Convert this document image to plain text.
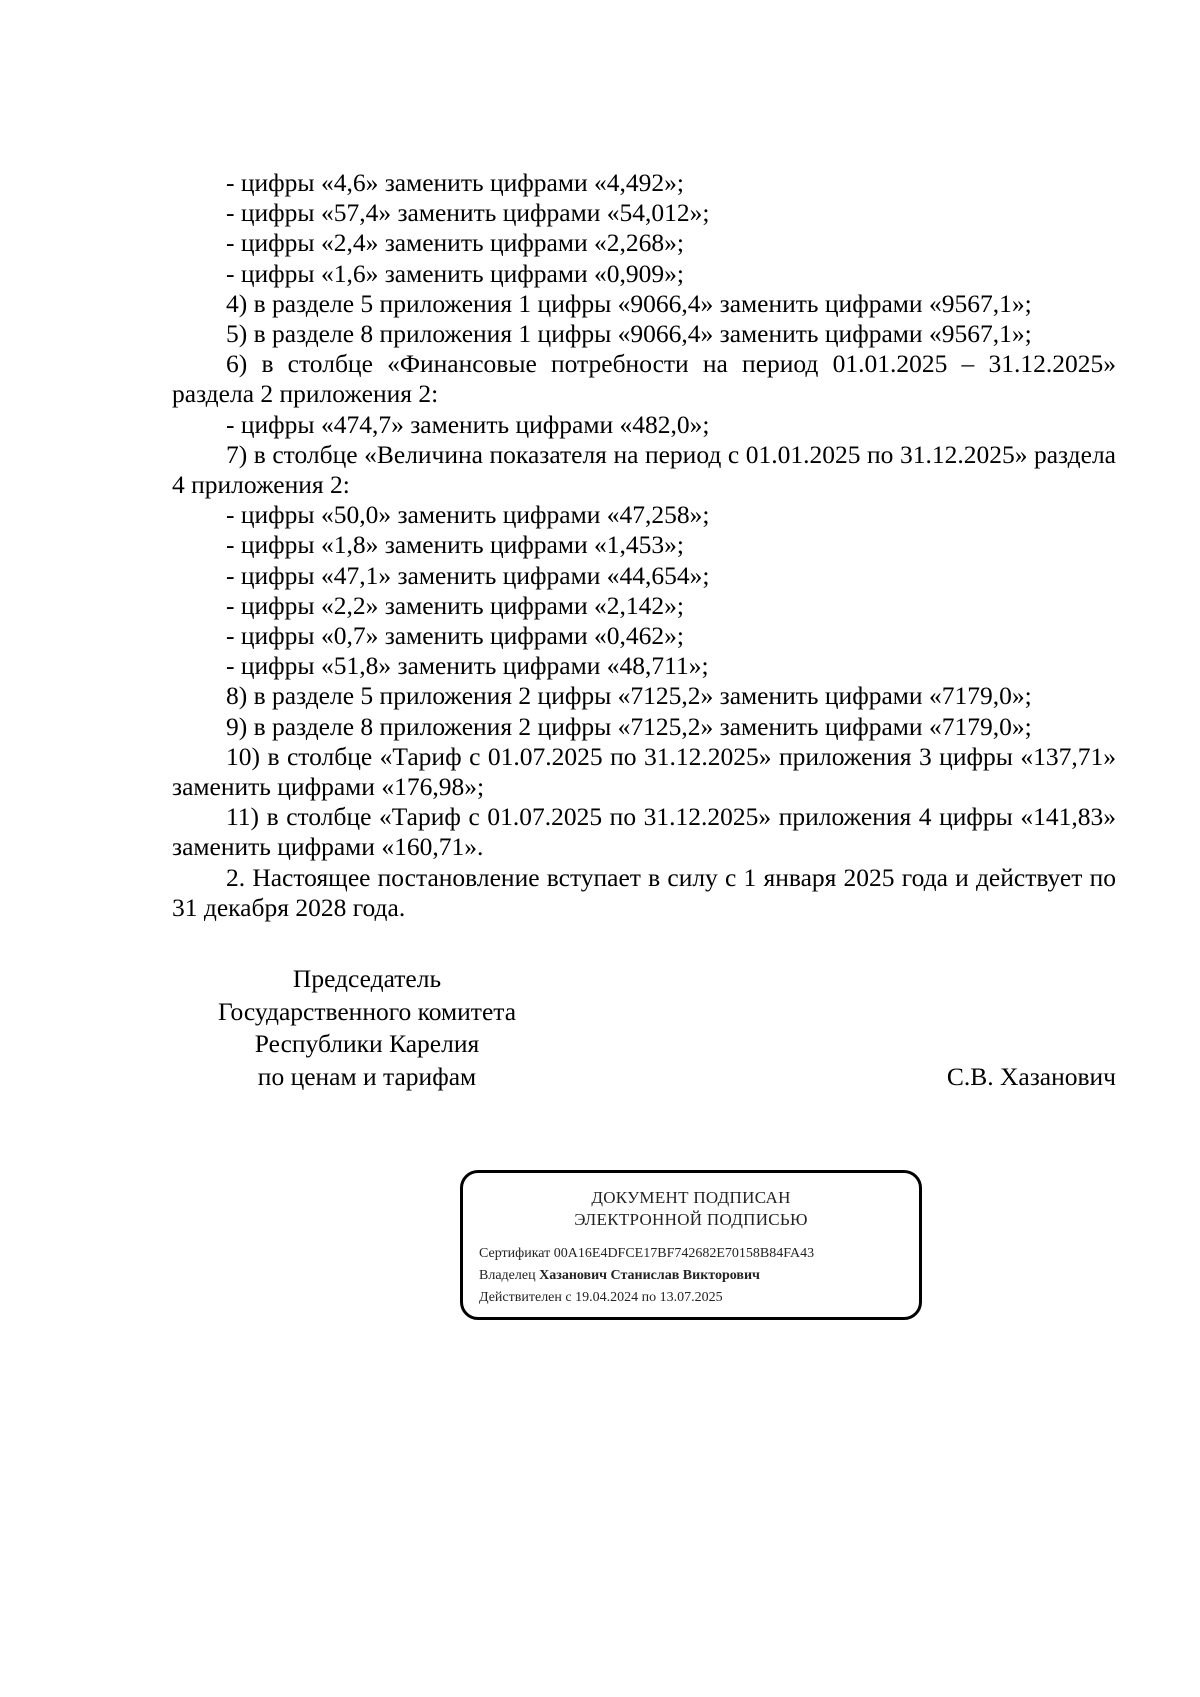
- цифры «4,6» заменить цифрами «4,492»;

- цифры «57,4» заменить цифрами «54,012»;

- цифры «2,4» заменить цифрами «2,268»;

- цифры «1,6» заменить цифрами «0,909»;

4) в разделе 5 приложения 1 цифры «9066,4» заменить цифрами «9567,1»;

5) в разделе 8 приложения 1 цифры «9066,4» заменить цифрами «9567,1»;

6) в столбце «Финансовые потребности на период 01.01.2025 – 31.12.2025» раздела 2 приложения 2:

- цифры «474,7» заменить цифрами «482,0»;

7) в столбце «Величина показателя на период с 01.01.2025 по 31.12.2025» раздела 4 приложения 2:

- цифры «50,0» заменить цифрами «47,258»;

- цифры «1,8» заменить цифрами «1,453»;

- цифры «47,1» заменить цифрами «44,654»;

- цифры «2,2» заменить цифрами «2,142»;

- цифры «0,7» заменить цифрами «0,462»;

- цифры «51,8» заменить цифрами «48,711»;

8) в разделе 5 приложения 2 цифры «7125,2» заменить цифрами «7179,0»;

9) в разделе 8 приложения 2 цифры «7125,2» заменить цифрами «7179,0»;

10) в столбце «Тариф с 01.07.2025 по 31.12.2025» приложения 3 цифры «137,71» заменить цифрами «176,98»;

11) в столбце «Тариф с 01.07.2025 по 31.12.2025» приложения 4 цифры «141,83» заменить цифрами «160,71».

2. Настоящее постановление вступает в силу с 1 января 2025 года и действует по 31 декабря 2028 года.

Председатель
Государственного комитета
Республики Карелия
по ценам и тарифам	С.В. Хазанович
ДОКУМЕНТ ПОДПИСАН
ЭЛЕКТРОННОЙ ПОДПИСЬЮ
Сертификат 00A16E4DFCE17BF742682E70158B84FA43
Владелец Хазанович Станислав Викторович
Действителен с 19.04.2024 по 13.07.2025
